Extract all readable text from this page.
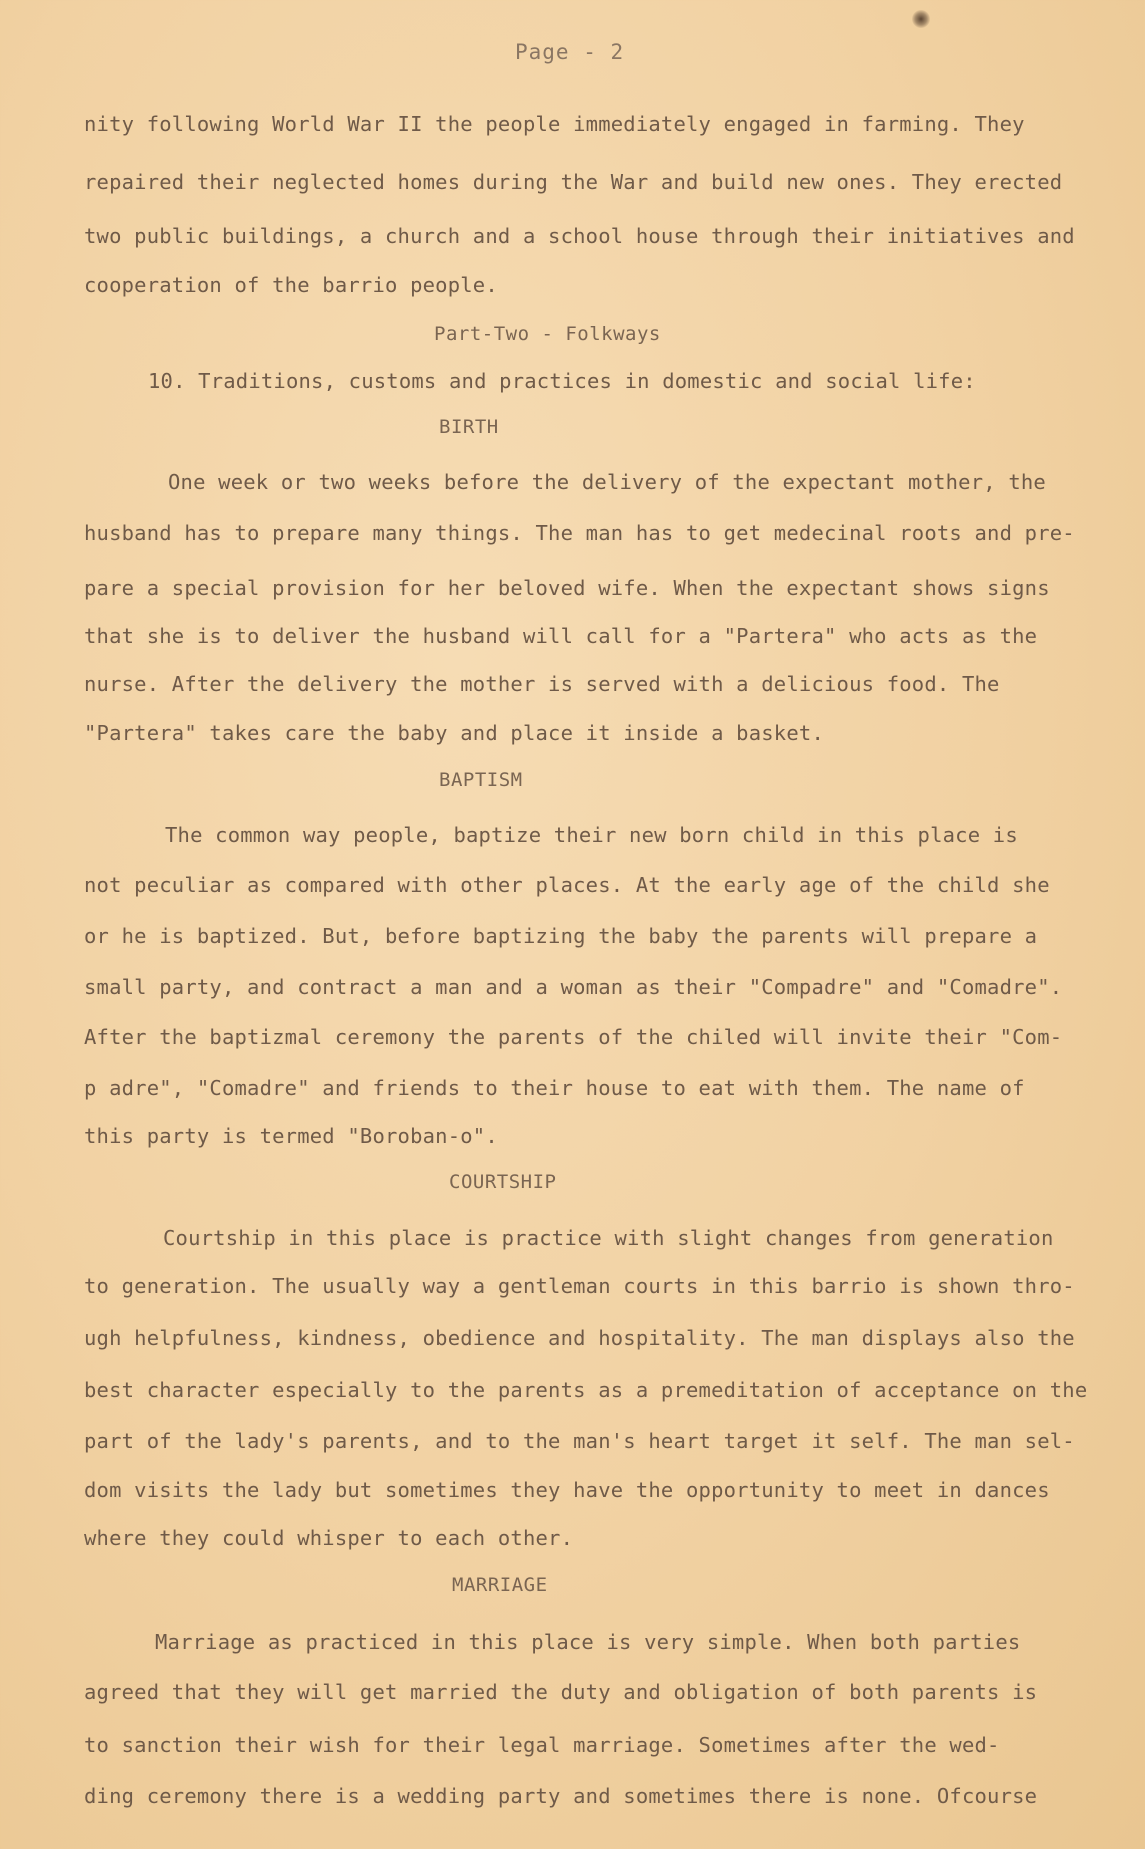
Page - 2
nity following World War II the people immediately engaged in farming. They
repaired their neglected homes during the War and build new ones. They erected
two public buildings, a church and a school house through their initiatives and
cooperation of the barrio people.
Part-Two - Folkways
10. Traditions, customs and practices in domestic and social life:
BIRTH
One week or two weeks before the delivery of the expectant mother, the
husband has to prepare many things. The man has to get medecinal roots and pre-
pare a special provision for her beloved wife. When the expectant shows signs
that she is to deliver the husband will call for a "Partera" who acts as the
nurse. After the delivery the mother is served with a delicious food. The
"Partera" takes care the baby and place it inside a basket.
BAPTISM
The common way people, baptize their new born child in this place is
not peculiar as compared with other places. At the early age of the child she
or he is baptized. But, before baptizing the baby the parents will prepare a
small party, and contract a man and a woman as their "Compadre" and "Comadre".
After the baptizmal ceremony the parents of the chiled will invite their "Com-
p adre", "Comadre" and friends to their house to eat with them. The name of
this party is termed "Boroban-o".
COURTSHIP
Courtship in this place is practice with slight changes from generation
to generation. The usually way a gentleman courts in this barrio is shown thro-
ugh helpfulness, kindness, obedience and hospitality. The man displays also the
best character especially to the parents as a premeditation of acceptance on the
part of the lady's parents, and to the man's heart target it self. The man sel-
dom visits the lady but sometimes they have the opportunity to meet in dances
where they could whisper to each other.
MARRIAGE
Marriage as practiced in this place is very simple. When both parties
agreed that they will get married the duty and obligation of both parents is
to sanction their wish for their legal marriage. Sometimes after the wed-
ding ceremony there is a wedding party and sometimes there is none. Ofcourse
